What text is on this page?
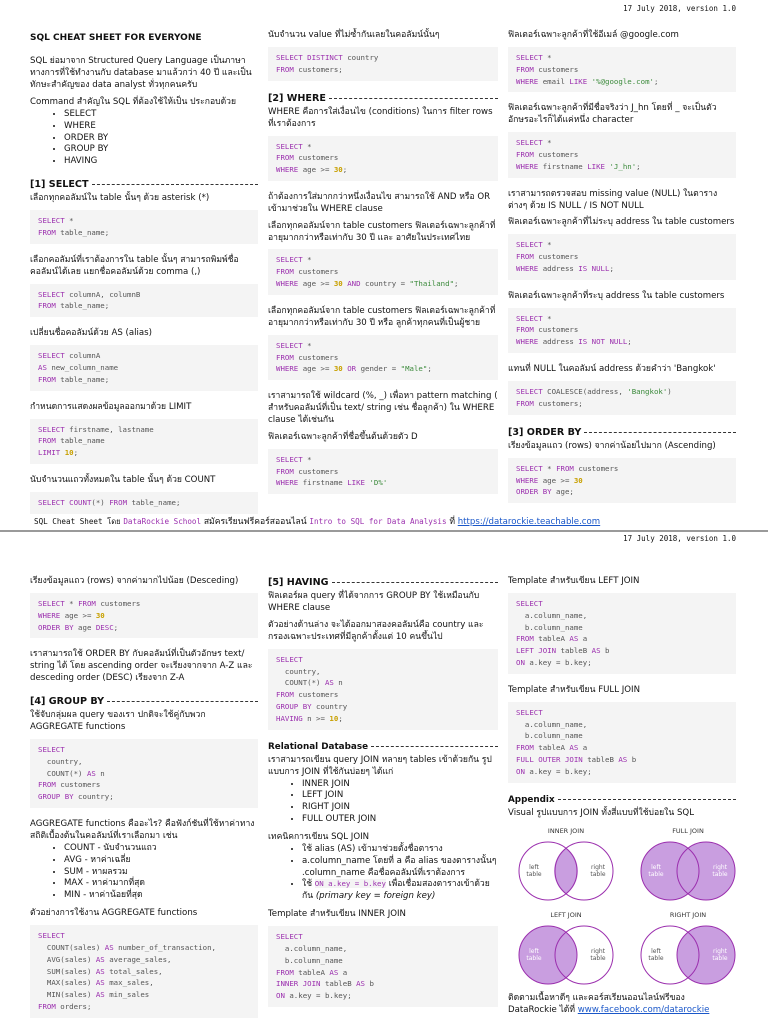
17 July 2018, version 1.0
SQL CHEAT SHEET FOR EVERYONE

SQL ย่อมาจาก Structured Query Language เป็นภาษาทางการที่ใช้ทำงานกับ database มาแล้วกว่า 40 ปี และเป็นทักษะสำคัญของ data analyst ทั่วทุกคนครับ

Command สำคัญใน SQL ที่ต้องใช้ให้เป็น ประกอบด้วย

• SELECT
• WHERE
• ORDER BY
• GROUP BY
• HAVING
[1] SELECT

เลือกทุกคอลัมน์ใน table นั้นๆ ด้วย asterisk (*)

SELECT *
FROM table_name;

เลือกคอลัมน์ที่เราต้องการใน table นั้นๆ สามารถพิมพ์ชื่อคอลัมน์ได้เลย แยกชื่อคอลัมน์ด้วย comma (,)

SELECT columnA, columnB
FROM table_name;

เปลี่ยนชื่อคอลัมน์ด้วย AS (alias)

SELECT columnA
AS new_column_name
FROM table_name;

กำหนดการแสดงผลข้อมูลออกมาด้วย LIMIT

SELECT firstname, lastname
FROM table_name
LIMIT 10;

นับจำนวนแถวทั้งหมดใน table นั้นๆ ด้วย COUNT

SELECT COUNT(*) FROM table_name;

นับจำนวน value ที่ไม่ซ้ำกันเลยในคอลัมน์นั้นๆ

SELECT DISTINCT country
FROM customers;
[2] WHERE

WHERE คือการใส่เงื่อนไข (conditions) ในการ filter rows ที่เราต้องการ

SELECT *
FROM customers
WHERE age >= 30;

ถ้าต้องการใส่มากกว่าหนึ่งเงื่อนไข สามารถใช้ AND หรือ OR เข้ามาช่วยใน WHERE clause

เลือกทุกคอลัมน์จาก table customers ฟิลเตอร์เฉพาะลูกค้าที่อายุมากกว่าหรือเท่ากับ 30 ปี และ อาศัยในประเทศไทย

SELECT *
FROM customers
WHERE age >= 30 AND country = "Thailand";

เลือกทุกคอลัมน์จาก table customers ฟิลเตอร์เฉพาะลูกค้าที่อายุมากกว่าหรือเท่ากับ 30 ปี หรือ ลูกค้าทุกคนที่เป็นผู้ชาย

SELECT *
FROM customers
WHERE age >= 30 OR gender = "Male";

เราสามารถใช้ wildcard (%, _) เพื่อหา pattern matching ( สำหรับคอลัมน์ที่เป็น text/ string เช่น ชื่อลูกค้า) ใน WHERE clause ได้เช่นกัน

ฟิลเตอร์เฉพาะลูกค้าที่ชื่อขึ้นต้นด้วยตัว D

SELECT *
FROM customers
WHERE firstname LIKE 'D%'

ฟิลเตอร์เฉพาะลูกค้าที่ใช้อีเมล์ @google.com

SELECT *
FROM customers
WHERE email LIKE '%@google.com';

ฟิลเตอร์เฉพาะลูกค้าที่มีชื่อจริงว่า J_hn โดยที่ _ จะเป็นตัวอักษรอะไรก็ได้แค่หนึ่ง character

SELECT *
FROM customers
WHERE firstname LIKE 'J_hn';

เราสามารถตรวจสอบ missing value (NULL) ในตารางต่างๆ ด้วย IS NULL / IS NOT NULL

ฟิลเตอร์เฉพาะลูกค้าที่ไม่ระบุ address ใน table customers

SELECT *
FROM customers
WHERE address IS NULL;

ฟิลเตอร์เฉพาะลูกค้าที่ระบุ address ใน table customers

SELECT *
FROM customers
WHERE address IS NOT NULL;

แทนที่ NULL ในคอลัมน์ address ด้วยคำว่า 'Bangkok'

SELECT COALESCE(address, 'Bangkok')
FROM customers;
[3] ORDER BY

เรียงข้อมูลแถว (rows) จากค่าน้อยไปมาก (Ascending)

SELECT * FROM customers
WHERE age >= 30
ORDER BY age;
SQL Cheat Sheet โดย DataRockie School สมัครเรียนฟรีคอร์สออนไลน์ Intro to SQL for Data Analysis ที่ https://datarockie.teachable.com
17 July 2018, version 1.0

เรียงข้อมูลแถว (rows) จากค่ามากไปน้อย (Desceding)

SELECT * FROM customers
WHERE age >= 30
ORDER BY age DESC;

เราสามารถใช้ ORDER BY กับคอลัมน์ที่เป็นตัวอักษร text/ string ได้ โดย ascending order จะเรียงจากจาก A-Z และ desceding order (DESC) เรียงจาก Z-A

[4] GROUP BY

ใช้จับกลุ่มผล query ของเรา ปกติจะใช้คู่กับพวก AGGREGATE functions

SELECT
country,
COUNT(*) AS n
FROM customers
GROUP BY country;

AGGREGATE functions คืออะไร? คือฟังก์ชันที่ใช้หาค่าทางสถิติเบื้องต้นในคอลัมน์ที่เราเลือกมา เช่น

• COUNT - นับจำนวนแถว
• AVG - หาค่าเฉลี่ย
• SUM - หาผลรวม
• MAX - หาค่ามากที่สุด
• MIN - หาค่าน้อยที่สุด

ตัวอย่างการใช้งาน AGGREGATE functions

SELECT
COUNT(sales) AS number_of_transaction,
AVG(sales) AS average_sales,
SUM(sales) AS total_sales,
MAX(sales) AS max_sales,
MIN(sales) AS min_sales
FROM orders;
[5] HAVING

ฟิลเตอร์ผล query ที่ได้จากการ GROUP BY ใช้เหมือนกับ WHERE clause

ตัวอย่างด้านล่าง จะได้ออกมาสองคอลัมน์คือ country และกรองเฉพาะประเทศที่มีลูกค้าตั้งแต่ 10 คนขึ้นไป

SELECT
country,
COUNT(*) AS n
FROM customers
GROUP BY country
HAVING n >= 10;
Relational Database

เราสามารถเขียน query JOIN หลายๆ tables เข้าด้วยกัน รูปแบบการ JOIN ที่ใช้กันบ่อยๆ ได้แก่

• INNER JOIN
• LEFT JOIN
• RIGHT JOIN
• FULL OUTER JOIN

เทคนิคการเขียน SQL JOIN

• ใช้ alias (AS) เข้ามาช่วยตั้งชื่อตาราง
• a.column_name โดยที่ a คือ alias ของตารางนั้นๆ .column_name คือชื่อคอลัมน์ที่เราต้องการ
• ใช้ ON a.key = b.key เพื่อเชื่อมสองตารางเข้าด้วยกัน (primary key = foreign key)

Template สำหรับเขียน INNER JOIN

SELECT
a.column_name,
b.column_name
FROM tableA AS a
INNER JOIN tableB AS b
ON a.key = b.key;

Template สำหรับเขียน LEFT JOIN

SELECT
a.column_name,
b.column_name
FROM tableA AS a
LEFT JOIN tableB AS b
ON a.key = b.key;

Template สำหรับเขียน FULL JOIN

SELECT
a.column_name,
b.column_name
FROM tableA AS a
FULL OUTER JOIN tableB AS b
ON a.key = b.key;
Appendix

Visual รูปแบบการ JOIN ทั้งสี่แบบที่ใช้บ่อยใน SQL

INNER JOIN
left
table
right
table
FULL JOIN
left
table
right
table
LEFT JOIN
left
table
right
table
RIGHT JOIN
left
table
right
table

ติดตามเนื้อหาดีๆ และคอร์สเรียนออนไลน์ฟรีของ DataRockie ได้ที่ www.facebook.com/datarockie
